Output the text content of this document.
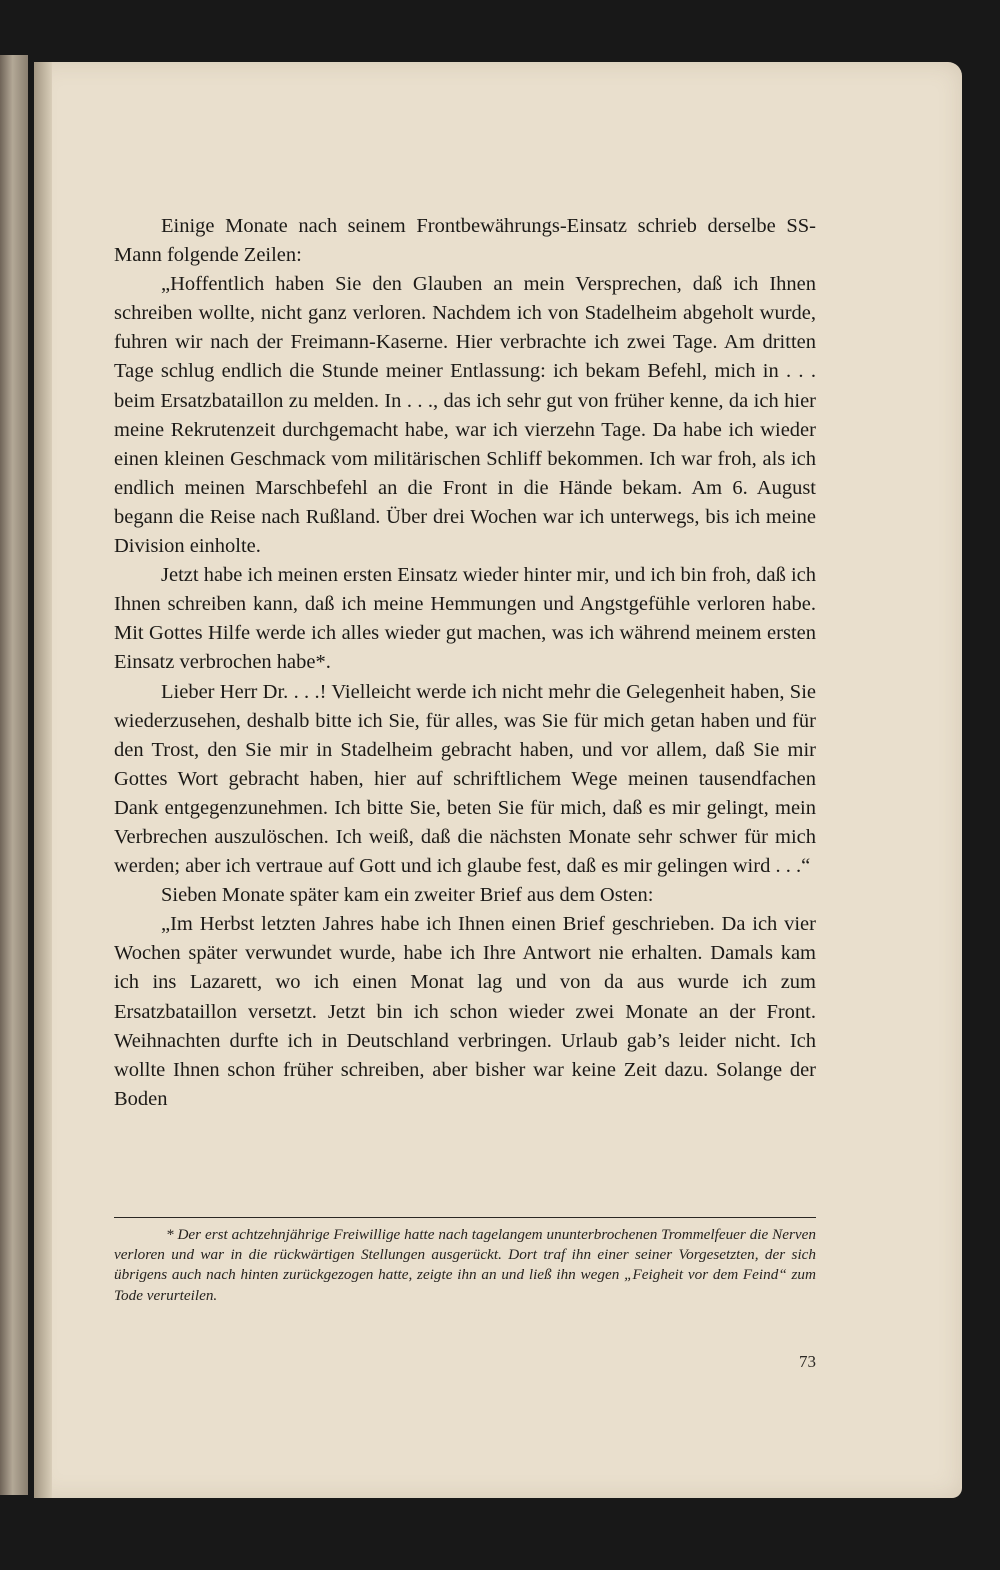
Einige Monate nach seinem Frontbewährungs-Einsatz schrieb derselbe SS-Mann folgende Zeilen:

„Hoffentlich haben Sie den Glauben an mein Versprechen, daß ich Ihnen schreiben wollte, nicht ganz verloren. Nachdem ich von Stadelheim abgeholt wurde, fuhren wir nach der Freimann-Kaserne. Hier verbrachte ich zwei Tage. Am dritten Tage schlug endlich die Stunde meiner Entlassung: ich bekam Befehl, mich in . . . beim Ersatzbataillon zu melden. In . . ., das ich sehr gut von früher kenne, da ich hier meine Rekrutenzeit durchgemacht habe, war ich vierzehn Tage. Da habe ich wieder einen kleinen Geschmack vom militärischen Schliff bekommen. Ich war froh, als ich endlich meinen Marschbefehl an die Front in die Hände bekam. Am 6. August begann die Reise nach Rußland. Über drei Wochen war ich unterwegs, bis ich meine Division einholte.

Jetzt habe ich meinen ersten Einsatz wieder hinter mir, und ich bin froh, daß ich Ihnen schreiben kann, daß ich meine Hemmungen und Angstgefühle verloren habe. Mit Gottes Hilfe werde ich alles wieder gut machen, was ich während meinem ersten Einsatz verbrochen habe*.

Lieber Herr Dr. . . .! Vielleicht werde ich nicht mehr die Gelegenheit haben, Sie wiederzusehen, deshalb bitte ich Sie, für alles, was Sie für mich getan haben und für den Trost, den Sie mir in Stadelheim gebracht haben, und vor allem, daß Sie mir Gottes Wort gebracht haben, hier auf schriftlichem Wege meinen tausendfachen Dank entgegenzunehmen. Ich bitte Sie, beten Sie für mich, daß es mir gelingt, mein Verbrechen auszulöschen. Ich weiß, daß die nächsten Monate sehr schwer für mich werden; aber ich vertraue auf Gott und ich glaube fest, daß es mir gelingen wird . . .“

Sieben Monate später kam ein zweiter Brief aus dem Osten:

„Im Herbst letzten Jahres habe ich Ihnen einen Brief geschrieben. Da ich vier Wochen später verwundet wurde, habe ich Ihre Antwort nie erhalten. Damals kam ich ins Lazarett, wo ich einen Monat lag und von da aus wurde ich zum Ersatzbataillon versetzt. Jetzt bin ich schon wieder zwei Monate an der Front. Weihnachten durfte ich in Deutschland verbringen. Urlaub gab’s leider nicht. Ich wollte Ihnen schon früher schreiben, aber bisher war keine Zeit dazu. Solange der Boden

* Der erst achtzehnjährige Freiwillige hatte nach tagelangem ununterbrochenen Trommelfeuer die Nerven verloren und war in die rückwärtigen Stellungen ausgerückt. Dort traf ihn einer seiner Vorgesetzten, der sich übrigens auch nach hinten zurückgezogen hatte, zeigte ihn an und ließ ihn wegen „Feigheit vor dem Feind“ zum Tode verurteilen.

73
